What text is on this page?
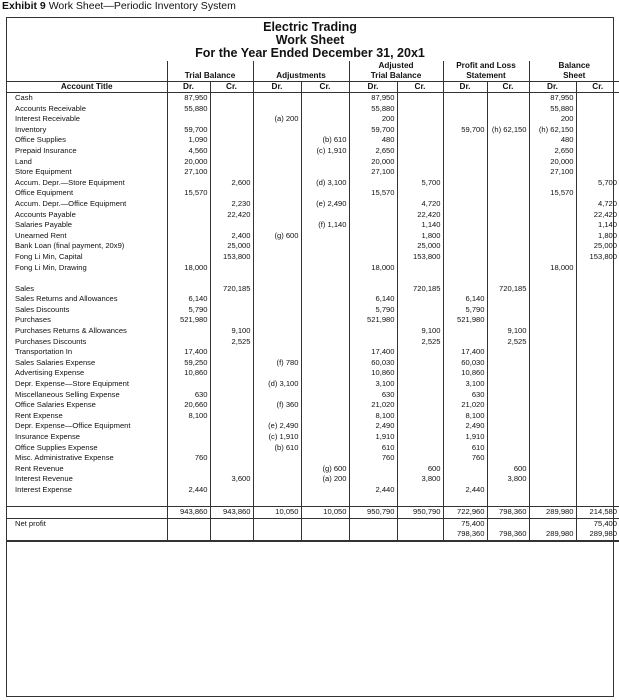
Exhibit 9 Work Sheet—Periodic Inventory System
Electric Trading
Work Sheet
For the Year Ended December 31, 20x1
					Adjusted		Profit and Loss		Balance	
	Trial Balance		Adjustments		Trial Balance		Statement		Sheet	
Account Title	Dr.	Cr.	Dr.	Cr.	Dr.	Cr.	Dr.	Cr.	Dr.	Cr.
Cash	87,950				87,950				87,950	
Accounts Receivable	55,880				55,880				55,880	
Interest Receivable			(a) 200		200				200	
Inventory	59,700				59,700		59,700	(h) 62,150	(h) 62,150	
Office Supplies	1,090			(b) 610	480				480	
Prepaid Insurance	4,560			(c) 1,910	2,650				2,650	
Land	20,000				20,000				20,000	
Store Equipment	27,100				27,100				27,100	
Accum. Depr.—Store Equipment		2,600		(d) 3,100		5,700				5,700
Office Equipment	15,570				15,570				15,570	
Accum. Depr.—Office Equipment		2,230		(e) 2,490		4,720				4,720
Accounts Payable		22,420				22,420				22,420
Salaries Payable				(f) 1,140		1,140				1,140
Unearned Rent		2,400	(g) 600			1,800				1,800
Bank Loan (final payment, 20x9)		25,000				25,000				25,000
Fong Li Min, Capital		153,800				153,800				153,800
Fong Li Min, Drawing	18,000				18,000				18,000	

Sales		720,185				720,185		720,185		
Sales Returns and Allowances	6,140				6,140		6,140			
Sales Discounts	5,790				5,790		5,790			
Purchases	521,980				521,980		521,980			
Purchases Returns & Allowances		9,100				9,100		9,100		
Purchases Discounts		2,525				2,525		2,525		
Transportation In	17,400				17,400		17,400			
Sales Salaries Expense	59,250		(f) 780		60,030		60,030			
Advertising Expense	10,860				10,860		10,860			
Depr. Expense—Store Equipment			(d) 3,100		3,100		3,100			
Miscellaneous Selling Expense	630				630		630			
Office Salaries Expense	20,660		(f) 360		21,020		21,020			
Rent Expense	8,100				8,100		8,100			
Depr. Expense—Office Equipment			(e) 2,490		2,490		2,490			
Insurance Expense			(c) 1,910		1,910		1,910			
Office Supplies Expense			(b) 610		610		610			
Misc. Administrative Expense	760				760		760			
Rent Revenue				(g) 600		600		600		
Interest Revenue		3,600		(a) 200		3,800		3,800		
Interest Expense	2,440				2,440		2,440			

	943,860	943,860	10,050	10,050	950,790	950,790	722,960	798,360	289,980	214,580
Net profit							75,400			75,400
							798,360	798,360	289,980	289,980
